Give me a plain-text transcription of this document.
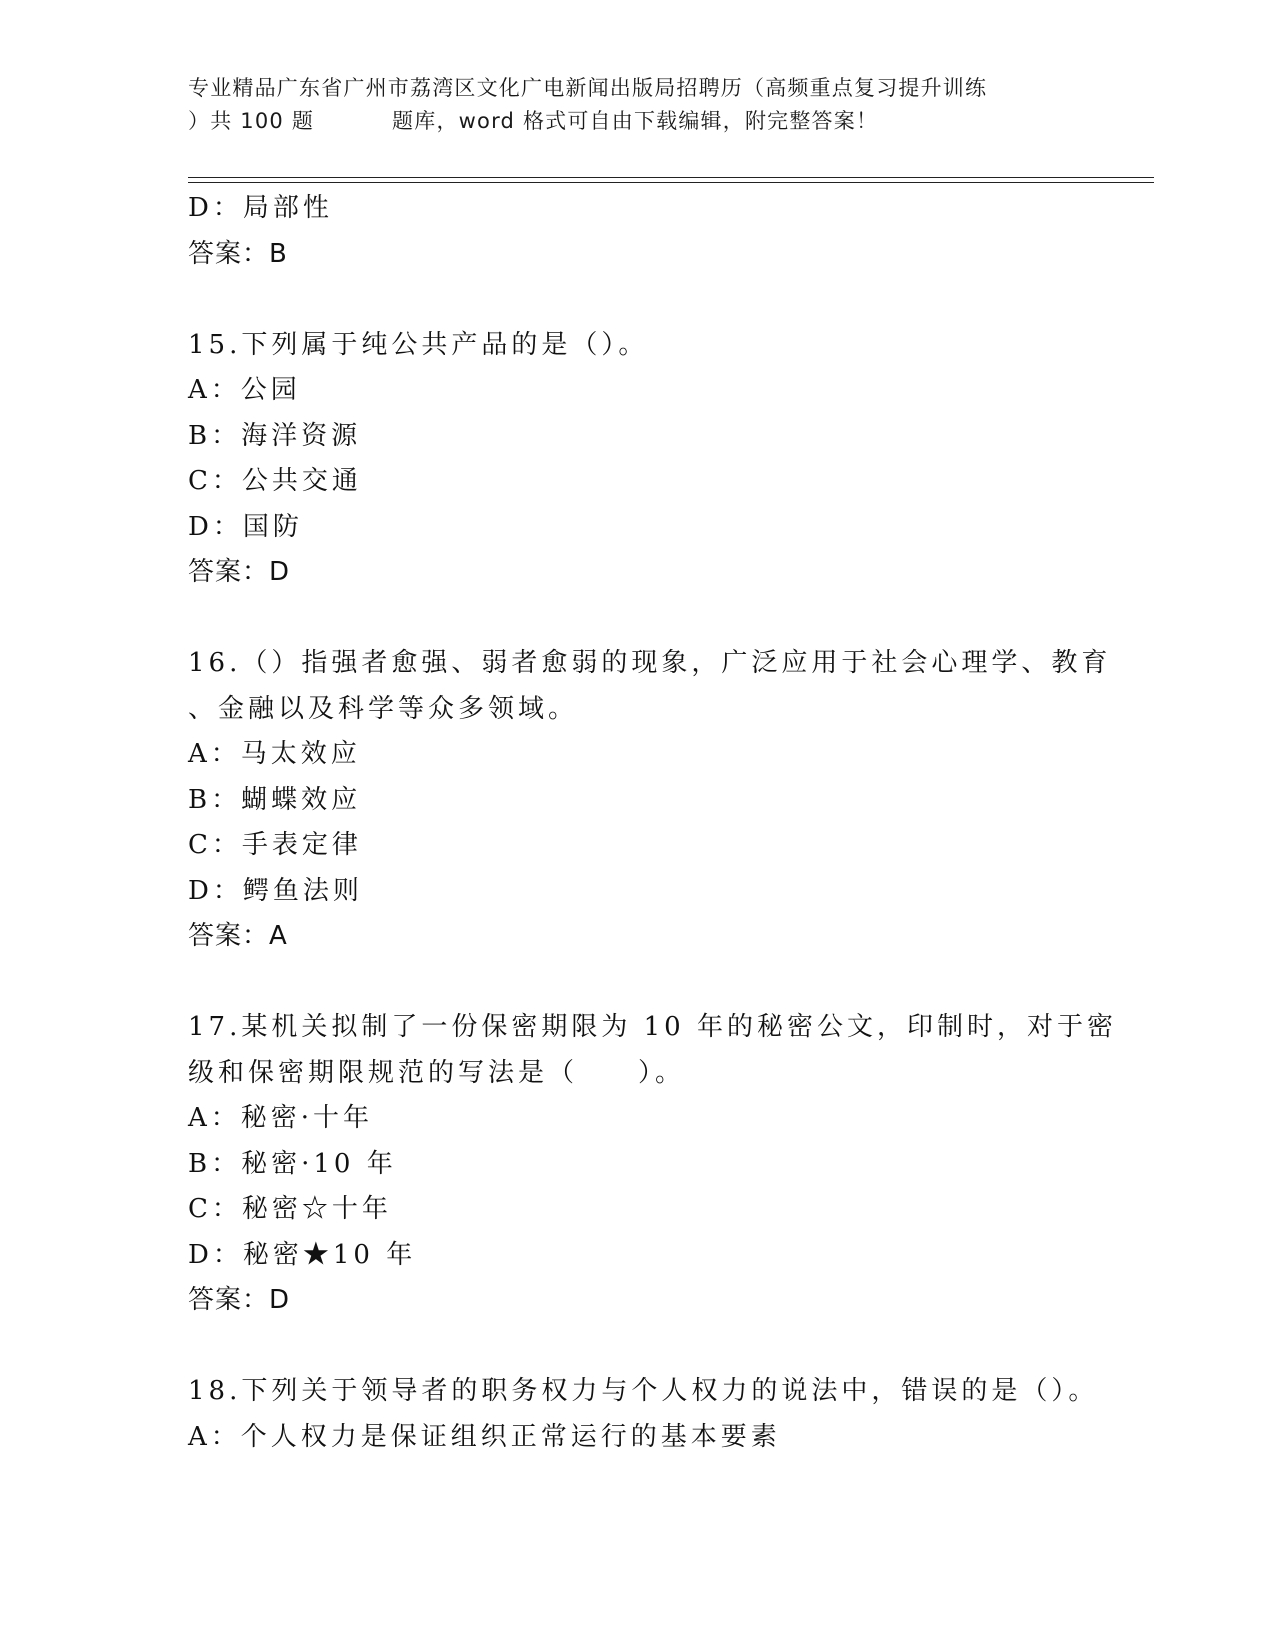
专业精品广东省广州市荔湾区文化广电新闻出版局招聘历（高频重点复习提升训练
）共 100 题	题库，word 格式可自由下载编辑，附完整答案！
D：局部性
答案：B
15.下列属于纯公共产品的是（）。
A：公园
B：海洋资源
C：公共交通
D：国防
答案：D
16.（）指强者愈强、弱者愈弱的现象，广泛应用于社会心理学、教育
、金融以及科学等众多领域。
A：马太效应
B：蝴蝶效应
C：手表定律
D：鳄鱼法则
答案：A
17.某机关拟制了一份保密期限为 10 年的秘密公文，印制时，对于密
级和保密期限规范的写法是（　　）。
A：秘密·十年
B：秘密·10 年
C：秘密☆十年
D：秘密★10 年
答案：D
18.下列关于领导者的职务权力与个人权力的说法中，错误的是（）。
A：个人权力是保证组织正常运行的基本要素
